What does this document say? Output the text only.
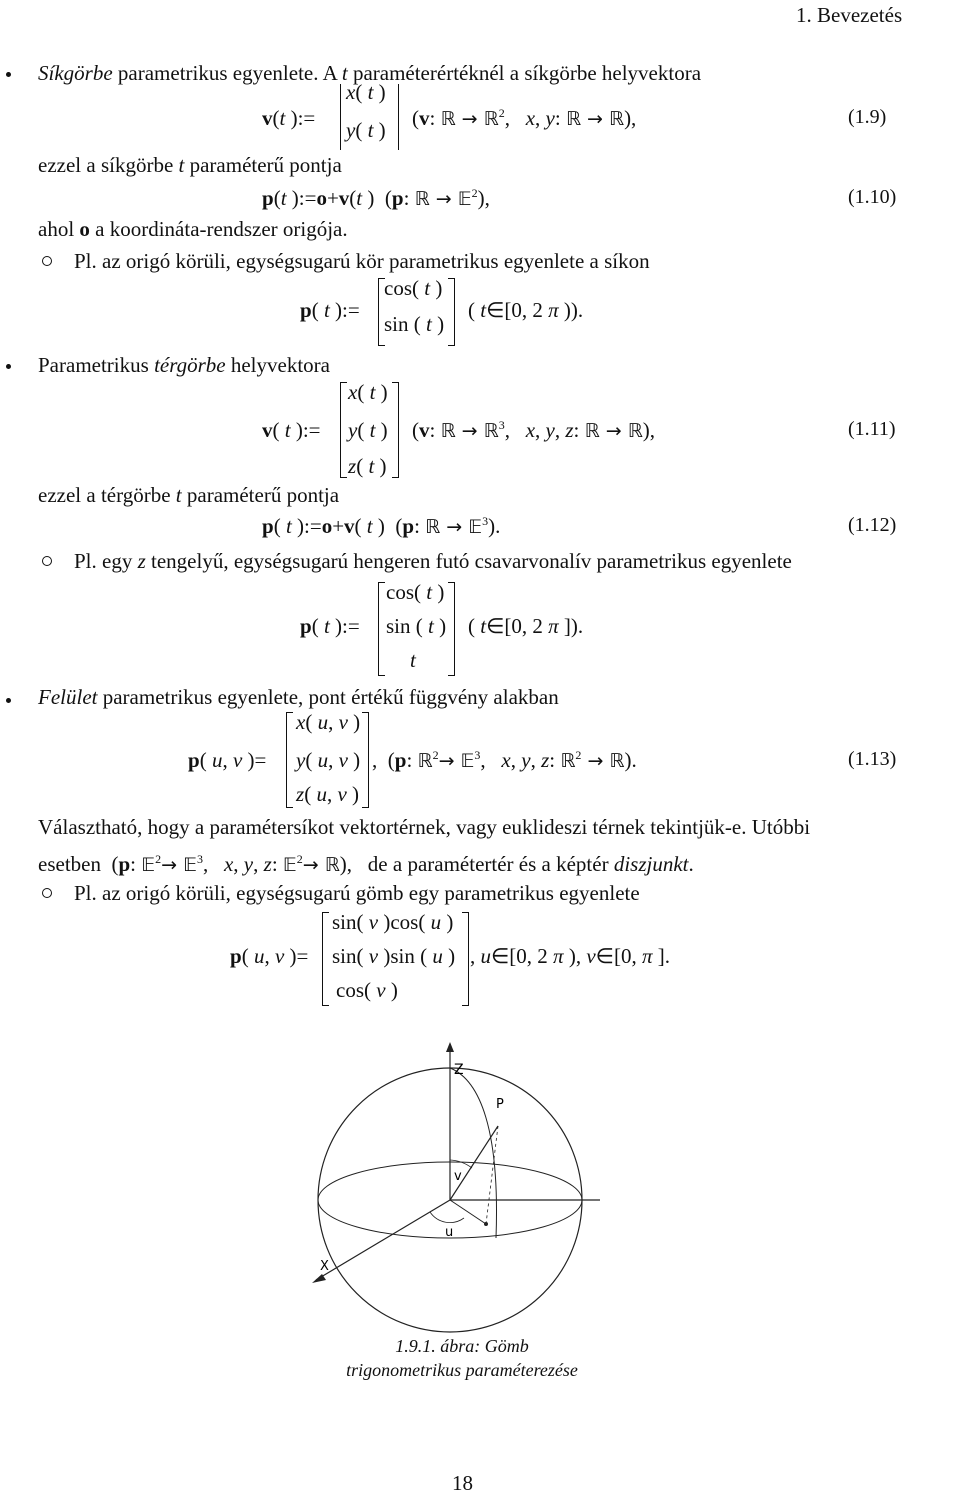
1. Bevezetés
Síkgörbe parametrikus egyenlete. A t paraméterértéknél a síkgörbe helyvektora
v(t ):=
x( t )
y( t ) (v: ℝ → ℝ$^2$,   x, y: ℝ → ℝ),	(1.9)
ezzel a síkgörbe t paraméterű pontja
p(t ):=o+v(t )  (p: ℝ → 𝔼$^2$),	(1.10)
ahol o a koordináta-rendszer origója.
Pl. az origó körüli, egységsugarú kör parametrikus egyenlete a síkon
p( t ):=
cos( t )
sin ( t )
( t∈[0, 2 π )).
Parametrikus térgörbe helyvektora
v( t ):=
x( t )
y( t )
z( t )
(v: ℝ → ℝ$^3$,   x, y, z: ℝ → ℝ),	(1.11)
ezzel a térgörbe t paraméterű pontja
p( t ):=o+v( t )  (p: ℝ → 𝔼$^3$).	(1.12)
Pl. egy z tengelyű, egységsugarú hengeren futó csavarvonalív parametrikus egyenlete
p( t ):=
cos( t )
sin ( t )
t
( t∈[0, 2 π ]).
Felület parametrikus egyenlete, pont értékű függvény alakban
p( u, v )=
x( u, v )
y( u, v )
z( u, v )
,  (p: ℝ$^2$→ 𝔼$^3$,   x, y, z: ℝ$^2$ → ℝ).	(1.13)
Választható, hogy a paramétersíkot vektortérnek, vagy euklideszi térnek tekintjük-e. Utóbbi
esetben  (p: 𝔼$^2$→ 𝔼$^3$,   x, y, z: 𝔼$^2$→ ℝ),   de a paramétertér és a képtér diszjunkt.
Pl. az origó körüli, egységsugarú gömb egy parametrikus egyenlete
p( u, v )=
sin( v )cos( u )
sin( v )sin ( u )
cos( v )
, u∈[0, 2 π ), v∈[0, π ].
Z
P
v
u
X
1.9.1. ábra: Gömb
trigonometrikus paraméterezése
18
